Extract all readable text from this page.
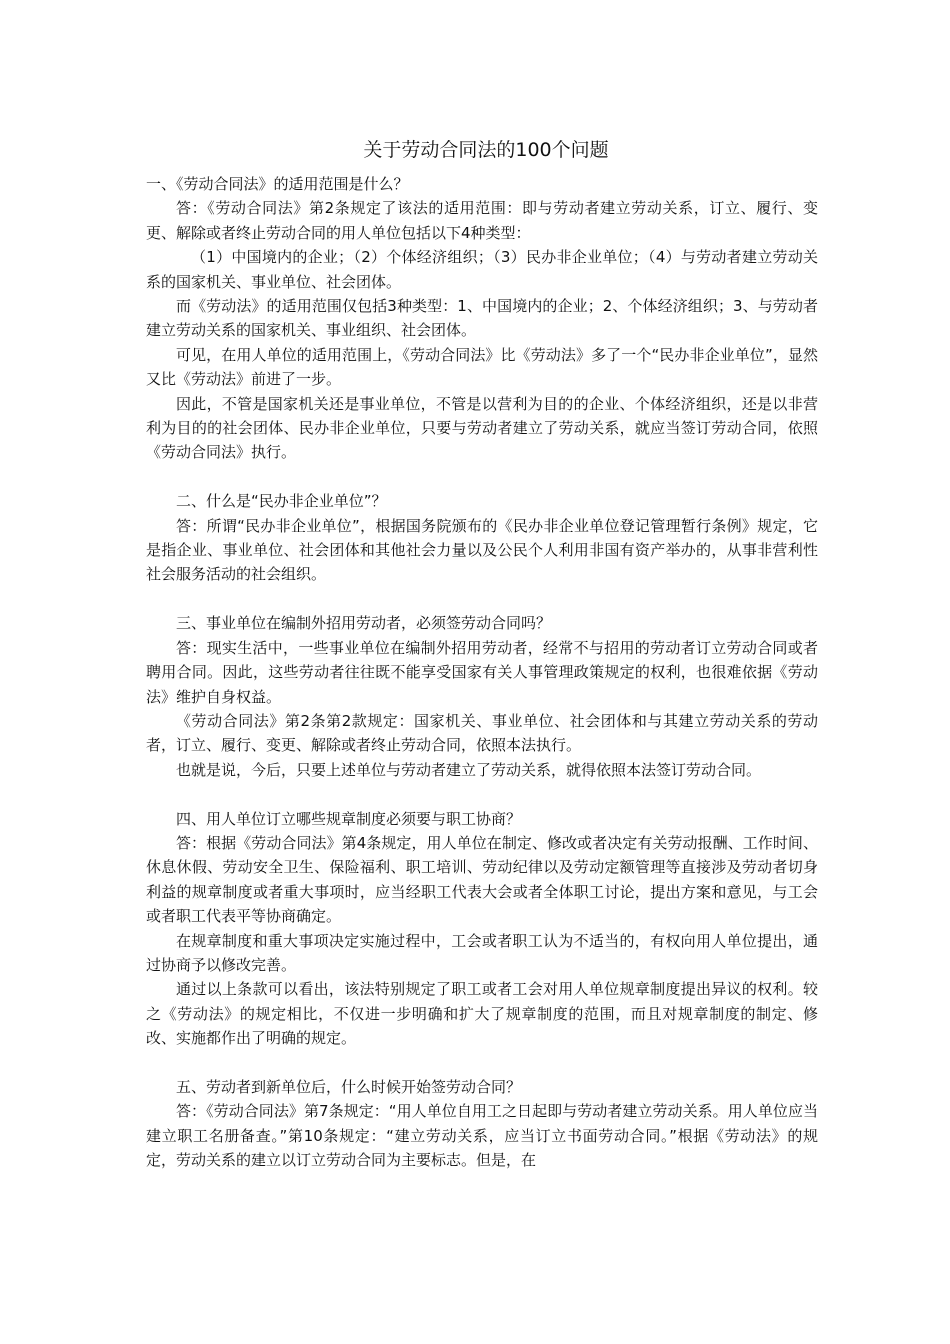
关于劳动合同法的100个问题

一、《劳动合同法》的适用范围是什么？

答：《劳动合同法》第2条规定了该法的适用范围：即与劳动者建立劳动关系，订立、履行、变更、解除或者终止劳动合同的用人单位包括以下4种类型：

（1）中国境内的企业；（2）个体经济组织；（3）民办非企业单位；（4）与劳动者建立劳动关系的国家机关、事业单位、社会团体。

而《劳动法》的适用范围仅包括3种类型：1、中国境内的企业；2、个体经济组织；3、与劳动者建立劳动关系的国家机关、事业组织、社会团体。

可见，在用人单位的适用范围上，《劳动合同法》比《劳动法》多了一个“民办非企业单位”，显然又比《劳动法》前进了一步。

因此，不管是国家机关还是事业单位，不管是以营利为目的的企业、个体经济组织，还是以非营利为目的的社会团体、民办非企业单位，只要与劳动者建立了劳动关系，就应当签订劳动合同，依照《劳动合同法》执行。

二、什么是“民办非企业单位”？

答：所谓“民办非企业单位”，根据国务院颁布的《民办非企业单位登记管理暂行条例》规定，它是指企业、事业单位、社会团体和其他社会力量以及公民个人利用非国有资产举办的，从事非营利性社会服务活动的社会组织。

三、事业单位在编制外招用劳动者，必须签劳动合同吗？

答：现实生活中，一些事业单位在编制外招用劳动者，经常不与招用的劳动者订立劳动合同或者聘用合同。因此，这些劳动者往往既不能享受国家有关人事管理政策规定的权利，也很难依据《劳动法》维护自身权益。

《劳动合同法》第2条第2款规定：国家机关、事业单位、社会团体和与其建立劳动关系的劳动者，订立、履行、变更、解除或者终止劳动合同，依照本法执行。

也就是说，今后，只要上述单位与劳动者建立了劳动关系，就得依照本法签订劳动合同。

四、用人单位订立哪些规章制度必须要与职工协商？

答：根据《劳动合同法》第4条规定，用人单位在制定、修改或者决定有关劳动报酬、工作时间、休息休假、劳动安全卫生、保险福利、职工培训、劳动纪律以及劳动定额管理等直接涉及劳动者切身利益的规章制度或者重大事项时，应当经职工代表大会或者全体职工讨论，提出方案和意见，与工会或者职工代表平等协商确定。

在规章制度和重大事项决定实施过程中，工会或者职工认为不适当的，有权向用人单位提出，通过协商予以修改完善。

通过以上条款可以看出，该法特别规定了职工或者工会对用人单位规章制度提出异议的权利。较之《劳动法》的规定相比，不仅进一步明确和扩大了规章制度的范围，而且对规章制度的制定、修改、实施都作出了明确的规定。

五、劳动者到新单位后，什么时候开始签劳动合同？

答：《劳动合同法》第7条规定：“用人单位自用工之日起即与劳动者建立劳动关系。用人单位应当建立职工名册备查。”第10条规定：“建立劳动关系，应当订立书面劳动合同。”根据《劳动法》的规定，劳动关系的建立以订立劳动合同为主要标志。但是，在
